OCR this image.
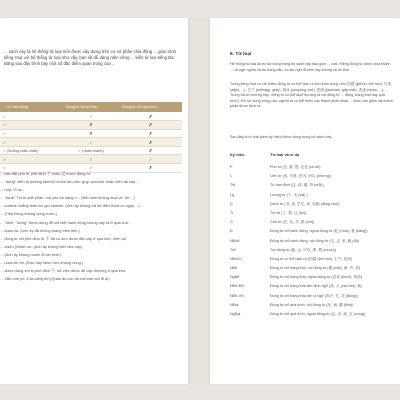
... sách này là hệ thống từ loại mới được xây dựng trên cơ sở phân chia đồng ... giáo trình tiếng Hoa với hệ thống từ loại như vậy, bạn sẽ dễ dàng nắm vững ... kiến từ loại tiếng Ba. Bảng sau đây trình bày một số đặc điểm quan trọng của ...

... từ Hán tiếng	Động từ tiếng Hoa	Động từ chỉ quá trình
✓	✓	✗
✓	✗	✗
✓	✗	✗
✓	✓	✗
✓ (không chắc chắn)	✓ (nhấn mạnh)	✗
✓	✓	✓
✓	✓	✗
... ban đặt phó từ phủ định 不 hoặc 没 trước động từ.
... "dừng" diễn tả (không làm/chỉ chưa làm việc gì gì qua khứ hoặc hiện tại hay ...
... hợp. Ví dụ:
... "ba ai" Tôi bị mất phần, mà yêu bà nặng rì... (Nếu anh không mua về, tôi ...)
... outside chẳng thân lúc gió elamuk. (Anh ấy không trả lời điện thoại cố ngày ...)
... (Tiếp Đông không uống rượu.)
... "hôm" "dừng" được dùng để chỉ biết hành động không xảy ra ở quá khứ.
... quan lịa. (Anh ấy đã không mang theo tiền.)
... động từ chỉ phủ định từ 不 đã có sức được đặt cấp ở quá khứ, hiện tại.
... chiếu (Nhận ưu. (Anh ấy không biết việc này)
... (Anh ấy không muốn đi xét kem.)
... nuôn thì tới. (Đạo này New York không nóng.)
... được dùng với bị phủ định 不, sử việc được đề cập thường ở quá khứ.
... Vẫn mời pó, tỉ lịa văng lei! (Quân áo còn tốt mà bạn vứt đi à!)
6. Từ loại

Hệ thống từ loại được sử dụng trong bộ sách này bao gồm ... loại. Riêng động từ được chia thành ... về ngữ nghĩa và trò trong câu, có tác ngữ đi kèm hay không và về thời ...

Trong tiếng Hoa có rất nhiều động từ có thể tách ra khi được dùng như 结婚 (jiéhūn, kết hôn), 打架 (dǎjià, ...), 生气 (shēngqì, giận), 游泳 (yóuyǒng, bơi), 见面 (jiànmiàn, gặp mặt), 洗澡 (xǐzǎo, ...), ... Trong đa số trường hợp, động từ có thể tách thường là nội động từ ... động, trạng thái hay quá trình). Khi sử dụng trong câu, người ta có thể thêm các thành phần khác ... khác vào giữa hai thành phần được tách ra.

Sau đây là từ loại (kèm ký hiệu) được dùng trong bộ sách này:

Ký hiệu	Từ loại và ví dụ
P	Phó từ (还, 最, 很, 还是 (cũ dỗ)
L	Liên từ (但, 可是, 因为, 所以 (nhưng))
Tht	Từ hạn định (这, 那, 哪, 每 (mỗi))
Lg	Lượng từ (个, 本 (cái) )
D	Danh từ (书, 桌, 学生, 家, 电脑 (đông chu))
Tr	Trợ từ (了, 着, 过 (rồi))
G	Giới từ (在, 从, 对, 跟 (với))
Đ	Động từ chỉ hành động, ngoại động từ (吃 (mua), 看 (bằng))
NĐhđ	Động từ chỉ hành động, nội động từ (走, 去, 来, 跑 (đi))
Trđ	Trợ động từ (能, 会, 可以, 要, 想 (muốn))
NĐhđ-t	Động từ có thể tách ra (结婚 (kết hôn), 生气, 见面)
NĐtt	Động từ chỉ trạng thái, nội động từ (累 (mệt), 病, 冷, 热)
NgĐtt	Động từ chỉ trạng thái, ngoại động từ (喜欢 (thích), 知道)
NĐtt-ĐN	Động từ chỉ trạng thái làm định ngữ (高, 大 (cao lớn), 新)
NĐtt-VN	Động từ chỉ trạng thái làm vị ngữ (高兴, 忙, 对 (đúng))
NĐqt	Động từ chỉ quá trình, nội động từ (死, 病, 醒 (tỉnh))
NgĐqt	Động từ chỉ quá trình, ngoại động từ (忘, 丢, 到, 完 (xong))
